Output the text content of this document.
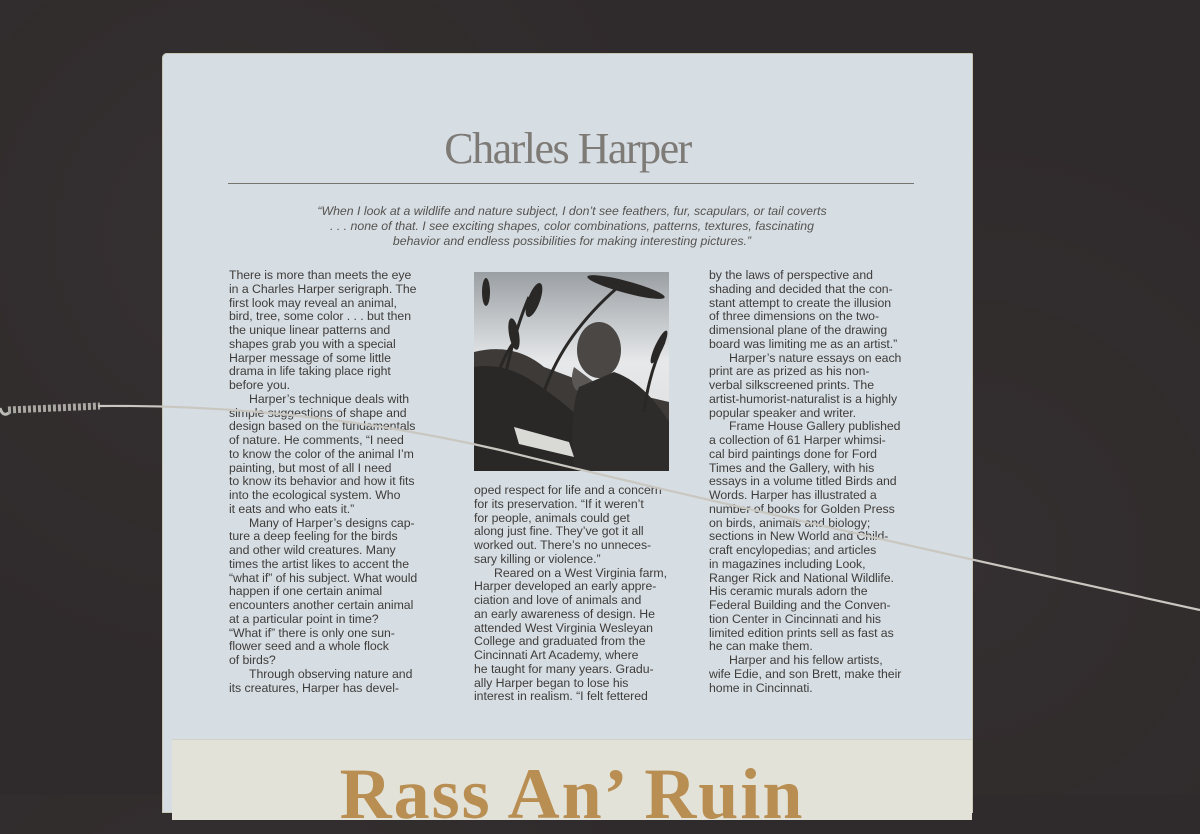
Charles Harper
“When I look at a wildlife and nature subject, I don’t see feathers, fur, scapulars, or tail coverts
. . . none of that. I see exciting shapes, color combinations, patterns, textures, fascinating
behavior and endless possibilities for making interesting pictures.”

There is more than meets the eye

in a Charles Harper serigraph. The

first look may reveal an animal,

bird, tree, some color . . . but then

the unique linear patterns and

shapes grab you with a special

Harper message of some little

drama in life taking place right

before you.

Harper’s technique deals with

simple suggestions of shape and

design based on the fundamentals

of nature. He comments, “I need

to know the color of the animal I’m

painting, but most of all I need

to know its behavior and how it fits

into the ecological system. Who

it eats and who eats it.”

Many of Harper’s designs cap-

ture a deep feeling for the birds

and other wild creatures. Many

times the artist likes to accent the

“what if” of his subject. What would

happen if one certain animal

encounters another certain animal

at a particular point in time?

“What if” there is only one sun-

flower seed and a whole flock

of birds?

Through observing nature and

its creatures, Harper has devel-

oped respect for life and a concern

for its preservation. “If it weren’t

for people, animals could get

along just fine. They’ve got it all

worked out. There’s no unneces-

sary killing or violence.”

Reared on a West Virginia farm,

Harper developed an early appre-

ciation and love of animals and

an early awareness of design. He

attended West Virginia Wesleyan

College and graduated from the

Cincinnati Art Academy, where

he taught for many years. Gradu-

ally Harper began to lose his

interest in realism. “I felt fettered

by the laws of perspective and

shading and decided that the con-

stant attempt to create the illusion

of three dimensions on the two-

dimensional plane of the drawing

board was limiting me as an artist.”

Harper’s nature essays on each

print are as prized as his non-

verbal silkscreened prints. The

artist-humorist-naturalist is a highly

popular speaker and writer.

Frame House Gallery published

a collection of 61 Harper whimsi-

cal bird paintings done for Ford

Times and the Gallery, with his

essays in a volume titled Birds and

Words. Harper has illustrated a

number of books for Golden Press

on birds, animals and biology;

sections in New World and Child-

craft encylopedias; and articles

in magazines including Look,

Ranger Rick and National Wildlife.

His ceramic murals adorn the

Federal Building and the Conven-

tion Center in Cincinnati and his

limited edition prints sell as fast as

he can make them.

Harper and his fellow artists,

wife Edie, and son Brett, make their

home in Cincinnati.

Rass An’ Ruin
